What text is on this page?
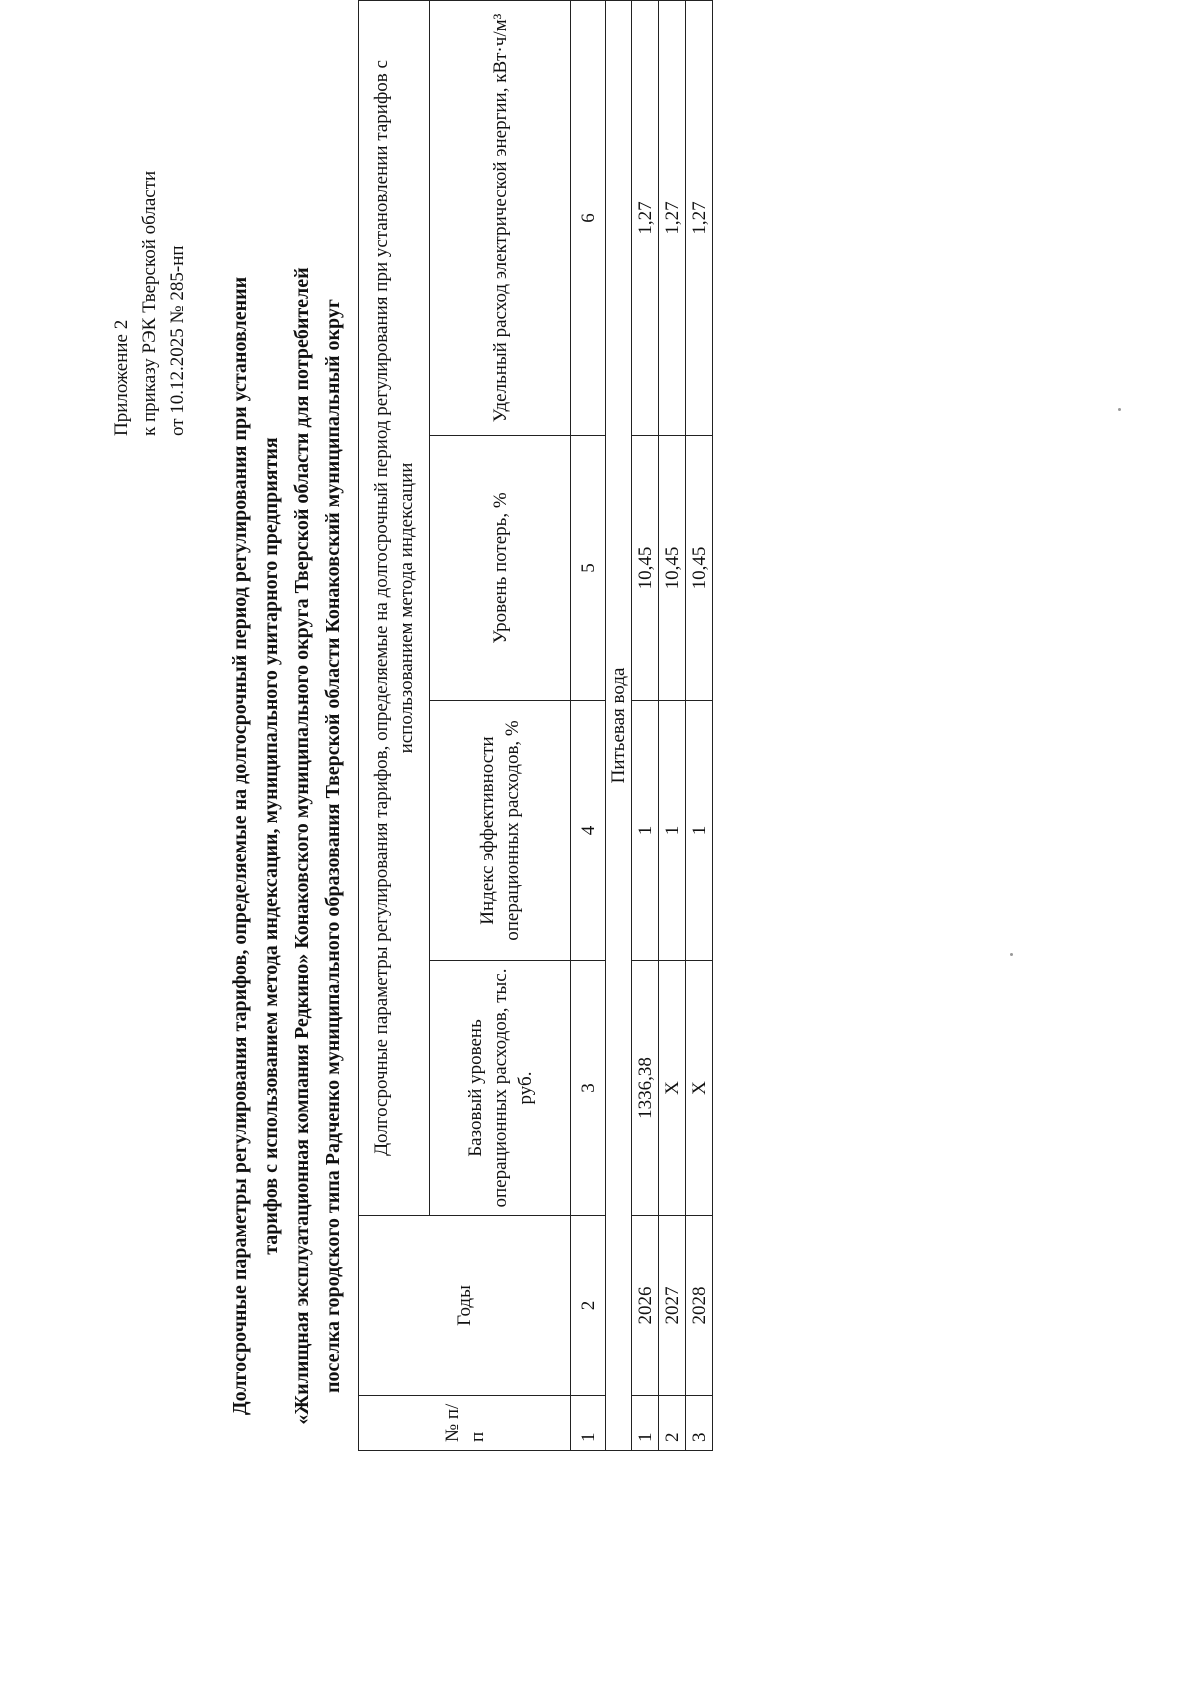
Приложение 2 к приказу РЭК Тверской области от 10.12.2025 № 285-нп Долгосрочные параметры регулирования тарифов, определяемые на долгосрочный период регулирования при установлении тарифов с использованием метода индексации, муниципального унитарного предприятия «Жилищная эксплуатационная компания Редкино» Конаковского муниципального округа Тверской области для потребителей поселка городского типа Радченко муниципального образования Тверской области Конаковский муниципальный округ
№ п/п	Годы	Долгосрочные параметры регулирования тарифов, определяемые на долгосрочный период регулирования при установлении тарифов с использованием метода индексации			
		Базовый уровень операционных расходов, тыс. руб.	Индекс эффективности операционных расходов, %	Уровень потерь, %	Удельный расход электрической энергии, кВт·ч/м³
1	2	3	4	5	6
Питьевая вода					
1	2026	1336,38	1	10,45	1,27
2	2027	Х	1	10,45	1,27
3	2028	Х	1	10,45	1,27
